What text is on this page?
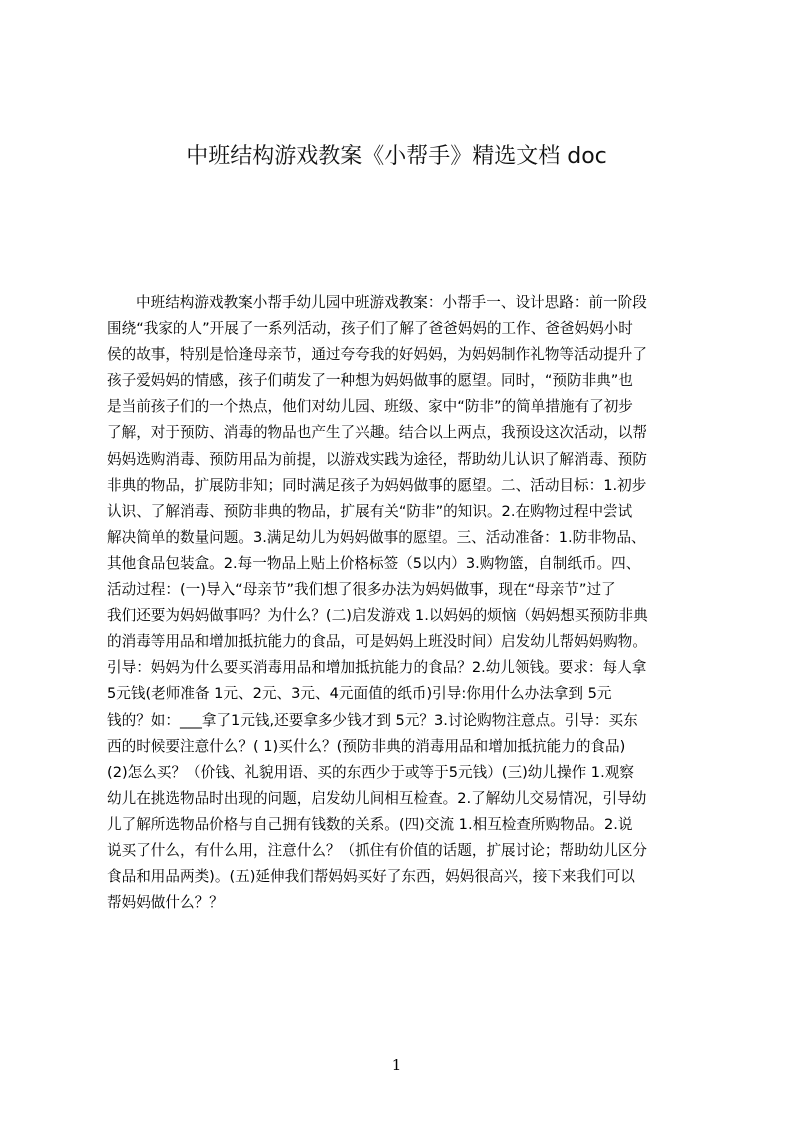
中班结构游戏教案《小帮手》精选文档 doc
中班结构游戏教案小帮手幼儿园中班游戏教案：小帮手一、设计思路：前一阶段
围绕“我家的人”开展了一系列活动，孩子们了解了爸爸妈妈的工作、爸爸妈妈小时
侯的故事，特别是恰逢母亲节，通过夸夸我的好妈妈，为妈妈制作礼物等活动提升了
孩子爱妈妈的情感，孩子们萌发了一种想为妈妈做事的愿望。同时，“预防非典”也
是当前孩子们的一个热点，他们对幼儿园、班级、家中“防非”的简单措施有了初步
了解，对于预防、消毒的物品也产生了兴趣。结合以上两点，我预设这次活动，以帮
妈妈选购消毒、预防用品为前提，以游戏实践为途径，帮助幼儿认识了解消毒、预防
非典的物品，扩展防非知；同时满足孩子为妈妈做事的愿望。二、活动目标：1.初步
认识、了解消毒、预防非典的物品，扩展有关“防非”的知识。2.在购物过程中尝试
解决简单的数量问题。3.满足幼儿为妈妈做事的愿望。三、活动准备：1.防非物品、
其他食品包装盒。2.每一物品上贴上价格标签（5以内）3.购物篮，自制纸币。四、
活动过程：(一)导入“母亲节”我们想了很多办法为妈妈做事，现在“母亲节”过了
我们还要为妈妈做事吗？为什么？(二)启发游戏 1.以妈妈的烦恼（妈妈想买预防非典
的消毒等用品和增加抵抗能力的食品，可是妈妈上班没时间）启发幼儿帮妈妈购物。
引导：妈妈为什么要买消毒用品和增加抵抗能力的食品？2.幼儿领钱。要求：每人拿
5元钱(老师准备 1元、2元、3元、4元面值的纸币)引导:你用什么办法拿到 5元
钱的？如：___拿了1元钱,还要拿多少钱才到 5元？3.讨论购物注意点。引导：买东
西的时候要注意什么？( 1)买什么？(预防非典的消毒用品和增加抵抗能力的食品)
(2)怎么买？（价钱、礼貌用语、买的东西少于或等于5元钱）(三)幼儿操作 1.观察
幼儿在挑选物品时出现的问题，启发幼儿间相互检查。2.了解幼儿交易情况，引导幼
儿了解所选物品价格与自己拥有钱数的关系。(四)交流 1.相互检查所购物品。2.说
说买了什么，有什么用，注意什么？（抓住有价值的话题，扩展讨论；帮助幼儿区分
食品和用品两类)。(五)延伸我们帮妈妈买好了东西，妈妈很高兴，接下来我们可以
帮妈妈做什么？？
1
